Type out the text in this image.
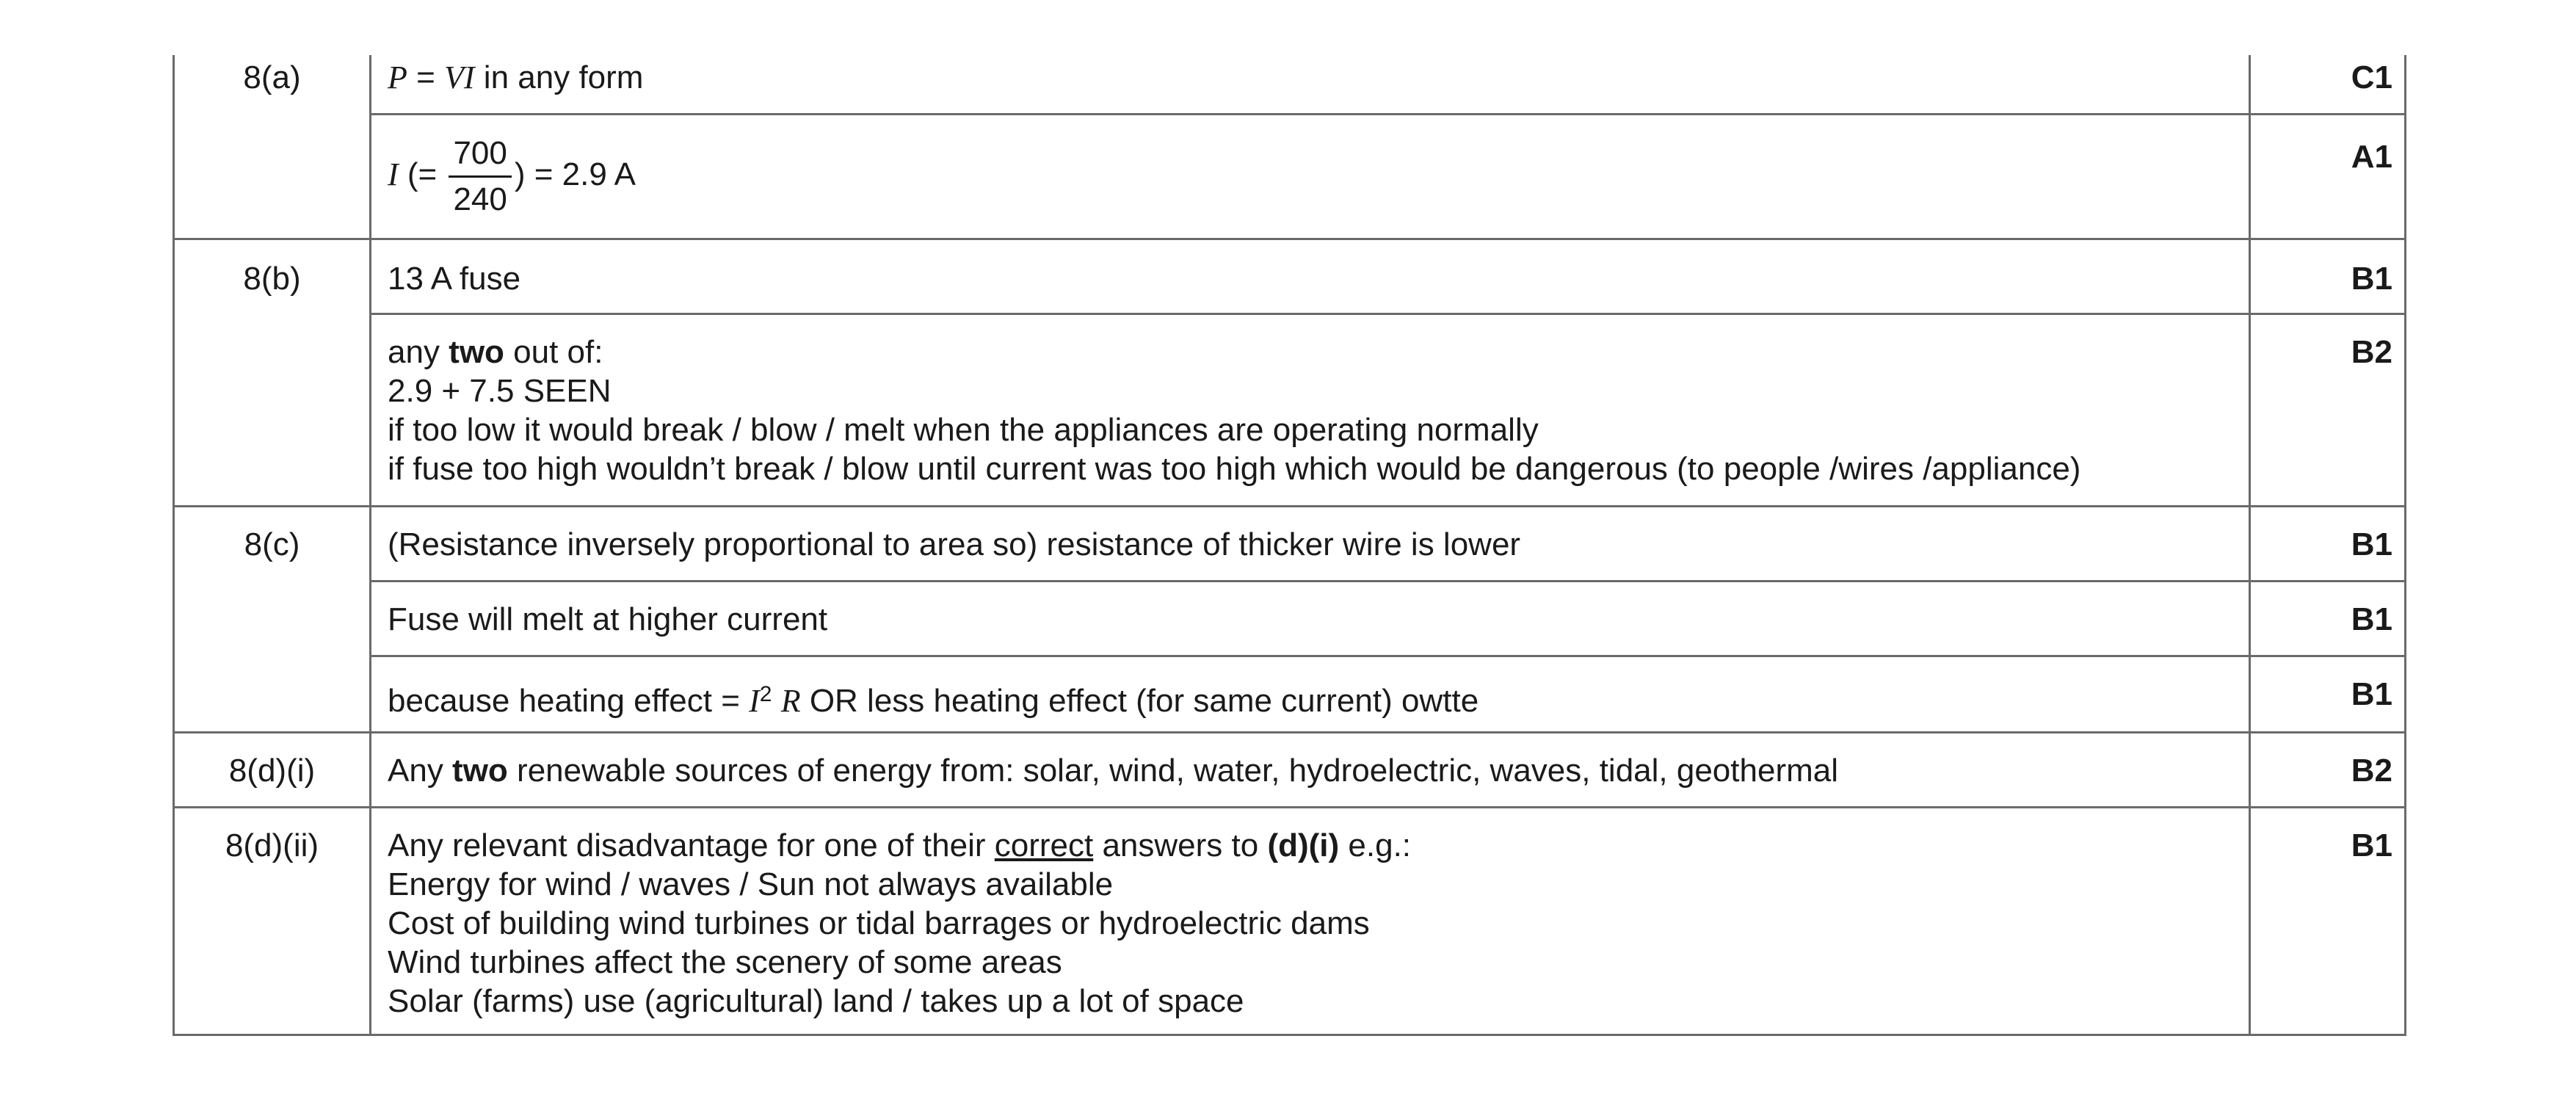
8(a)	P = VI in any form	C1
	I (= $\frac{700}{240}$ ) = 2.9 A	A1
8(b)	13 A fuse	B1

	any two out of:
2.9 + 7.5 SEEN
if too low it would break / blow / melt when the appliances are operating normally
if fuse too high wouldn’t break / blow until current was too high which would be dangerous (to people /wires /appliance)	B2
8(c)	(Resistance inversely proportional to area so) resistance of thicker wire is lower	B1
	Fuse will melt at higher current	B1
	because heating effect = $I^2$ R OR less heating effect (for same current) owtte	B1
8(d)(i)	Any two renewable sources of energy from: solar, wind, water, hydroelectric, waves, tidal, geothermal	B2
8(d)(ii)	Any relevant disadvantage for one of their correct answers to (d)(i) e.g.:
Energy for wind / waves / Sun not always available
Cost of building wind turbines or tidal barrages or hydroelectric dams
Wind turbines affect the scenery of some areas
Solar (farms) use (agricultural) land / takes up a lot of space	B1
